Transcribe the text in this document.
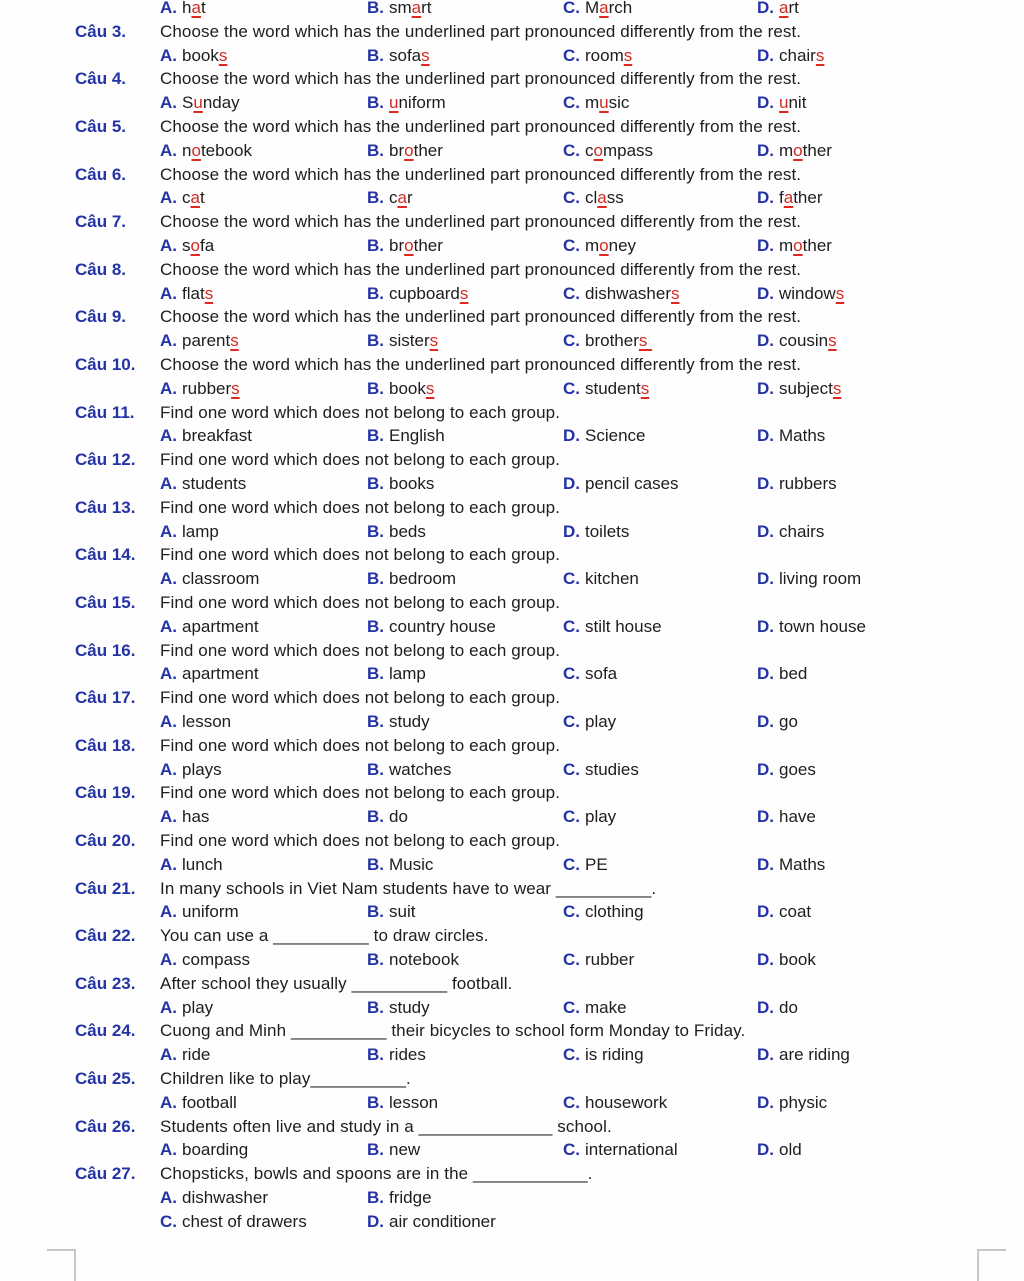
A. hat	B. smart	C. March	D. art
Câu 3. Choose the word which has the underlined part pronounced differently from the rest.
A. books	B. sofas	C. rooms	D. chairs
Câu 4. Choose the word which has the underlined part pronounced differently from the rest.
A. Sunday	B. uniform	C. music	D. unit
Câu 5. Choose the word which has the underlined part pronounced differently from the rest.
A. notebook	B. brother	C. compass	D. mother
Câu 6. Choose the word which has the underlined part pronounced differently from the rest.
A. cat	B. car	C. class	D. father
Câu 7. Choose the word which has the underlined part pronounced differently from the rest.
A. sofa	B. brother	C. money	D. mother
Câu 8. Choose the word which has the underlined part pronounced differently from the rest.
A. flats	B. cupboards	C. dishwashers	D. windows
Câu 9. Choose the word which has the underlined part pronounced differently from the rest.
A. parents	B. sisters	C. brothers	D. cousins
Câu 10. Choose the word which has the underlined part pronounced differently from the rest.
A. rubbers	B. books	C. students	D. subjects
Câu 11. Find one word which does not belong to each group.
A. breakfast	B. English	D. Science	D. Maths
Câu 12. Find one word which does not belong to each group.
A. students	B. books	D. pencil cases	D. rubbers
Câu 13. Find one word which does not belong to each group.
A. lamp	B. beds	D. toilets	D. chairs
Câu 14. Find one word which does not belong to each group.
A. classroom	B. bedroom	C. kitchen	D. living room
Câu 15. Find one word which does not belong to each group.
A. apartment	B. country house	C. stilt house	D. town house
Câu 16. Find one word which does not belong to each group.
A. apartment	B. lamp	C. sofa	D. bed
Câu 17. Find one word which does not belong to each group.
A. lesson	B. study	C. play	D. go
Câu 18. Find one word which does not belong to each group.
A. plays	B. watches	C. studies	D. goes
Câu 19. Find one word which does not belong to each group.
A. has	B. do	C. play	D. have
Câu 20. Find one word which does not belong to each group.
A. lunch	B. Music	C. PE	D. Maths
Câu 21. In many schools in Viet Nam students have to wear __________.
A. uniform	B. suit	C. clothing	D. coat
Câu 22. You can use a __________ to draw circles.
A. compass	B. notebook	C. rubber	D. book
Câu 23. After school they usually __________ football.
A. play	B. study	C. make	D. do
Câu 24. Cuong and Minh __________ their bicycles to school form Monday to Friday.
A. ride	B. rides	C. is riding	D. are riding
Câu 25. Children like to play__________.
A. football	B. lesson	C. housework	D. physic
Câu 26. Students often live and study in a ______________ school.
A. boarding	B. new	C. international	D. old
Câu 27. Chopsticks, bowls and spoons are in the ____________.
A. dishwasher	B. fridge
C. chest of drawers	D. air conditioner
